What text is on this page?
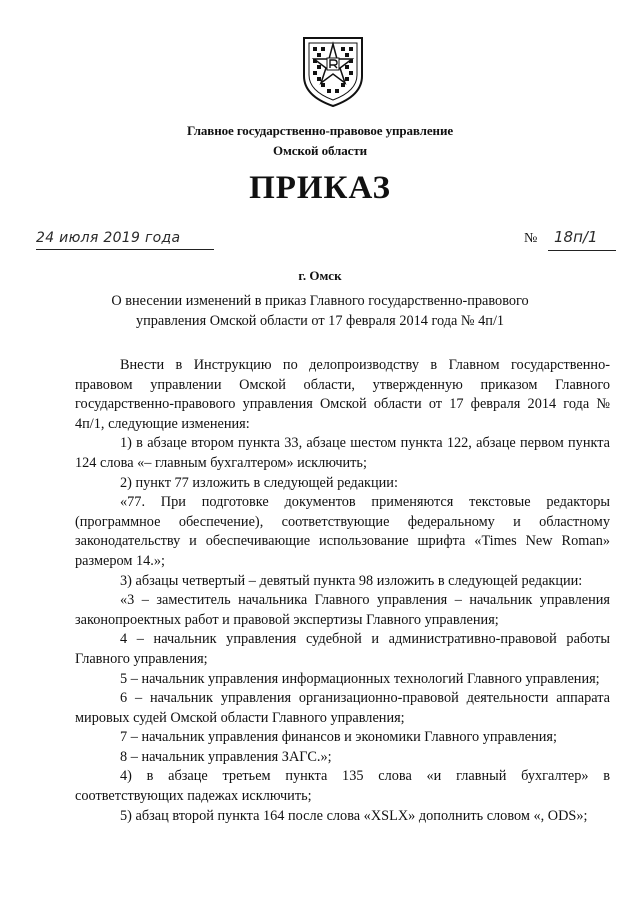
Главное государственно-правовое управление
Омской области
ПРИКАЗ
24 июля 2019 года	№ 18п/1
г. Омск
О внесении изменений в приказ Главного государственно-правового
управления Омской области от 17 февраля 2014 года № 4п/1

Внести в Инструкцию по делопроизводству в Главном государственно-правовом управлении Омской области, утвержденную приказом Главного государственно-правового управления Омской области от 17 февраля 2014 года № 4п/1, следующие изменения:

1) в абзаце втором пункта 33, абзаце шестом пункта 122, абзаце первом пункта 124 слова «– главным бухгалтером» исключить;

2) пункт 77 изложить в следующей редакции:

«77. При подготовке документов применяются текстовые редакторы (программное обеспечение), соответствующие федеральному и областному законодательству и обеспечивающие использование шрифта «Times New Roman» размером 14.»;

3) абзацы четвертый – девятый пункта 98 изложить в следующей редакции:

«3 – заместитель начальника Главного управления – начальник управления законопроектных работ и правовой экспертизы Главного управления;

4 – начальник управления судебной и административно-правовой работы Главного управления;

5 – начальник управления информационных технологий Главного управления;

6 – начальник управления организационно-правовой деятельности аппарата мировых судей Омской области Главного управления;

7 – начальник управления финансов и экономики Главного управления;

8 – начальник управления ЗАГС.»;

4) в абзаце третьем пункта 135 слова «и главный бухгалтер» в соответствующих падежах исключить;

5) абзац второй пункта 164 после слова «XSLX» дополнить словом «, ODS»;
